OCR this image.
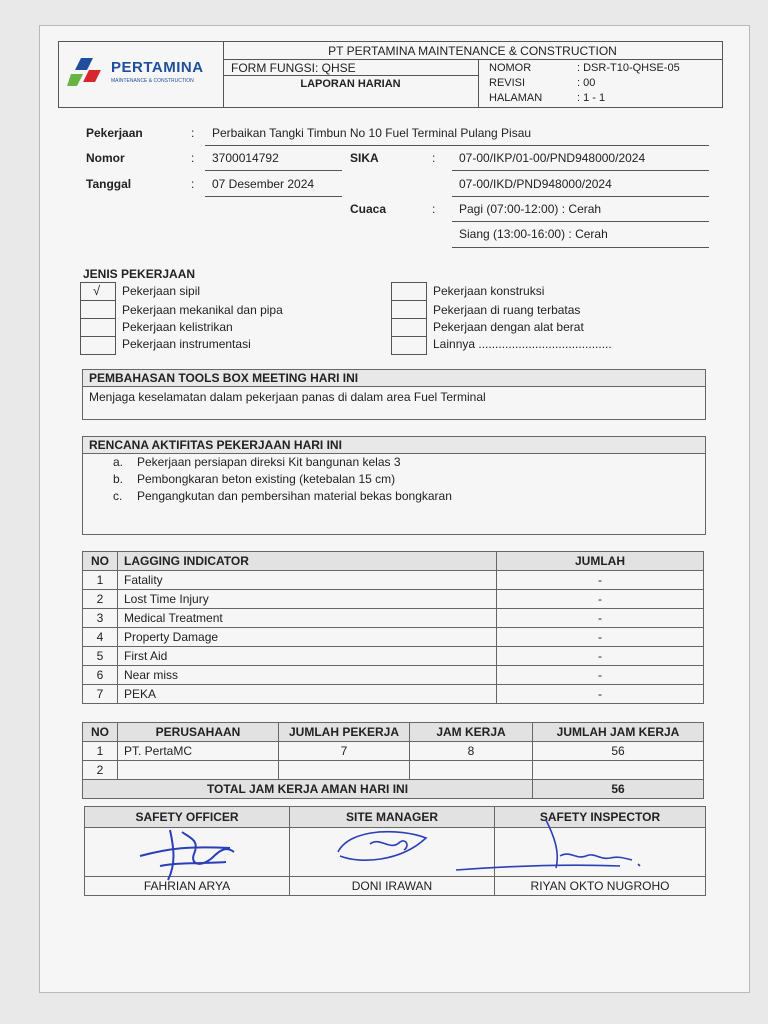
PT PERTAMINA MAINTENANCE & CONSTRUCTION
FORM FUNGSI: QHSE
LAPORAN HARIAN
NOMOR	: DSR-T10-QHSE-05
REVISI	: 00
HALAMAN	: 1 - 1
PERTAMINA
MAINTENANCE & CONSTRUCTION
Pekerjaan	: Perbaikan Tangki Timbun No 10 Fuel Terminal Pulang Pisau
Nomor	: 3700014792	SIKA	: 07-00/IKP/01-00/PND948000/2024
Tanggal	: 07 Desember 2024	07-00/IKD/PND948000/2024
Cuaca	: Pagi (07:00-12:00) : Cerah
Siang (13:00-16:00) : Cerah
JENIS PEKERJAAN
√ Pekerjaan sipil
Pekerjaan mekanikal dan pipa
Pekerjaan kelistrikan
Pekerjaan instrumentasi
Pekerjaan konstruksi
Pekerjaan di ruang terbatas
Pekerjaan dengan alat berat
Lainnya ........................................
PEMBAHASAN TOOLS BOX MEETING HARI INI
Menjaga keselamatan dalam pekerjaan panas di dalam area Fuel Terminal
RENCANA AKTIFITAS PEKERJAAN HARI INI
a. Pekerjaan persiapan direksi Kit bangunan kelas 3
b. Pembongkaran beton existing (ketebalan 15 cm)
c. Pengangkutan dan pembersihan material bekas bongkaran
NO	LAGGING INDICATOR	JUMLAH
1	Fatality	-
2	Lost Time Injury	-
3	Medical Treatment	-
4	Property Damage	-
5	First Aid	-
6	Near miss	-
7	PEKA	-
NO	PERUSAHAAN	JUMLAH PEKERJA	JAM KERJA	JUMLAH JAM KERJA
1	PT. PertaMC	7	8	56
2				
TOTAL JAM KERJA AMAN HARI INI				56
SAFETY OFFICER	SITE MANAGER	SAFETY INSPECTOR

FAHRIAN ARYA	DONI IRAWAN	RIYAN OKTO NUGROHO
